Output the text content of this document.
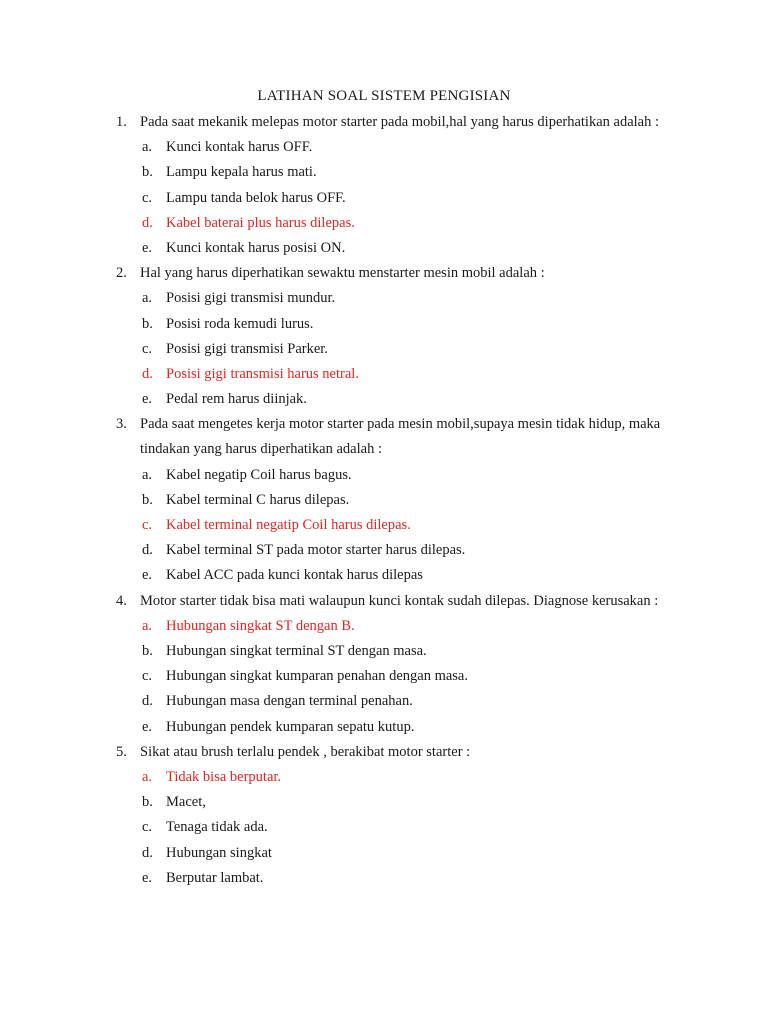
LATIHAN SOAL SISTEM PENGISIAN
1. Pada saat mekanik melepas motor starter pada mobil,hal yang harus diperhatikan adalah :

a. Kunci kontak harus OFF.
b. Lampu kepala harus mati.
c. Lampu tanda belok harus OFF.
d. Kabel baterai plus harus dilepas.
e. Kunci kontak harus posisi ON.
2. Hal yang harus diperhatikan sewaktu menstarter mesin mobil adalah :

a. Posisi gigi transmisi mundur.
b. Posisi roda kemudi lurus.
c. Posisi gigi transmisi Parker.
d. Posisi gigi transmisi harus netral.
e. Pedal rem harus diinjak.
3. Pada saat mengetes kerja motor starter pada mesin mobil,supaya mesin tidak hidup, maka tindakan yang harus diperhatikan adalah :

a. Kabel negatip Coil harus bagus.
b. Kabel terminal C harus dilepas.
c. Kabel terminal negatip Coil harus dilepas.
d. Kabel terminal ST pada motor starter harus dilepas.
e. Kabel ACC pada kunci kontak harus dilepas
4. Motor starter tidak bisa mati walaupun kunci kontak sudah dilepas. Diagnose kerusakan :

a. Hubungan singkat ST dengan B.
b. Hubungan singkat terminal ST dengan masa.
c. Hubungan singkat kumparan penahan dengan masa.
d. Hubungan masa dengan terminal penahan.
e. Hubungan pendek kumparan sepatu kutup.
5. Sikat atau brush terlalu pendek , berakibat motor starter :

a. Tidak bisa berputar.
b. Macet,
c. Tenaga tidak ada.
d. Hubungan singkat
e. Berputar lambat.
